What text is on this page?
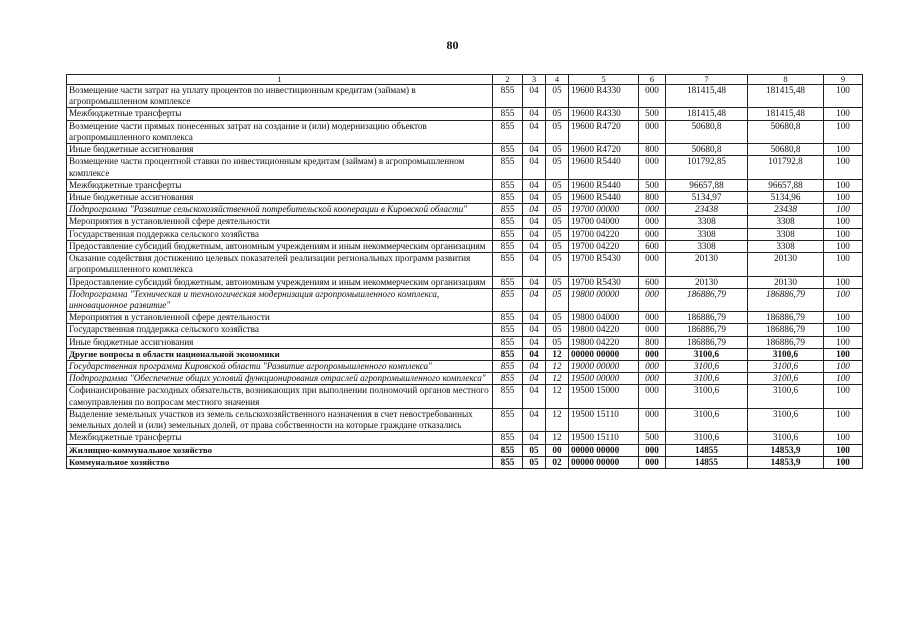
80
1	2	3	4	5	6	7	8	9
Возмещение части затрат на уплату процентов по инвестиционным кредитам (займам) в агропромышленном комплексе	855	04	05	19600 R4330	000	181415,48	181415,48	100
Межбюджетные трансферты	855	04	05	19600 R4330	500	181415,48	181415,48	100
Возмещение части прямых понесенных затрат на создание и (или) модернизацию объектов агропромышленного комплекса	855	04	05	19600 R4720	000	50680,8	50680,8	100
Иные бюджетные ассигнования	855	04	05	19600 R4720	800	50680,8	50680,8	100
Возмещение части процентной ставки по инвестиционным кредитам (займам) в агропромышленном комплексе	855	04	05	19600 R5440	000	101792,85	101792,8	100
Межбюджетные трансферты	855	04	05	19600 R5440	500	96657,88	96657,88	100
Иные бюджетные ассигнования	855	04	05	19600 R5440	800	5134,97	5134,96	100
Подпрограмма "Развитие сельскохозяйственной потребительской кооперации в Кировской области"	855	04	05	19700 00000	000	23438	23438	100
Мероприятия в установленной сфере деятельности	855	04	05	19700 04000	000	3308	3308	100
Государственная поддержка сельского хозяйства	855	04	05	19700 04220	000	3308	3308	100
Предоставление субсидий бюджетным, автономным учреждениям и иным некоммерческим организациям	855	04	05	19700 04220	600	3308	3308	100
Оказание содействия достижению целевых показателей реализации региональных программ развития агропромышленного комплекса	855	04	05	19700 R5430	000	20130	20130	100
Предоставление субсидий бюджетным, автономным учреждениям и иным некоммерческим организациям	855	04	05	19700 R5430	600	20130	20130	100
Подпрограмма "Техническая и технологическая модернизация агропромышленного комплекса, инновационное развитие"	855	04	05	19800 00000	000	186886,79	186886,79	100
Мероприятия в установленной сфере деятельности	855	04	05	19800 04000	000	186886,79	186886,79	100
Государственная поддержка сельского хозяйства	855	04	05	19800 04220	000	186886,79	186886,79	100
Иные бюджетные ассигнования	855	04	05	19800 04220	800	186886,79	186886,79	100
Другие вопросы в области национальной экономики	855	04	12	00000 00000	000	3100,6	3100,6	100
Государственная программа Кировской области "Развитие агропромышленного комплекса"	855	04	12	19000 00000	000	3100,6	3100,6	100
Подпрограмма "Обеспечение общих условий функционирования отраслей агропромышленного комплекса"	855	04	12	19500 00000	000	3100,6	3100,6	100
Софинансирование расходных обязательств, возникающих при выполнении полномочий органов местного самоуправления по вопросам местного значения	855	04	12	19500 15000	000	3100,6	3100,6	100
Выделение земельных участков из земель сельскохозяйственного назначения в счет невостребованных земельных долей и (или) земельных долей, от права собственности на которые граждане отказались	855	04	12	19500 15110	000	3100,6	3100,6	100
Межбюджетные трансферты	855	04	12	19500 15110	500	3100,6	3100,6	100
Жилищно-коммунальное хозяйство	855	05	00	00000 00000	000	14855	14853,9	100
Коммунальное хозяйство	855	05	02	00000 00000	000	14855	14853,9	100
